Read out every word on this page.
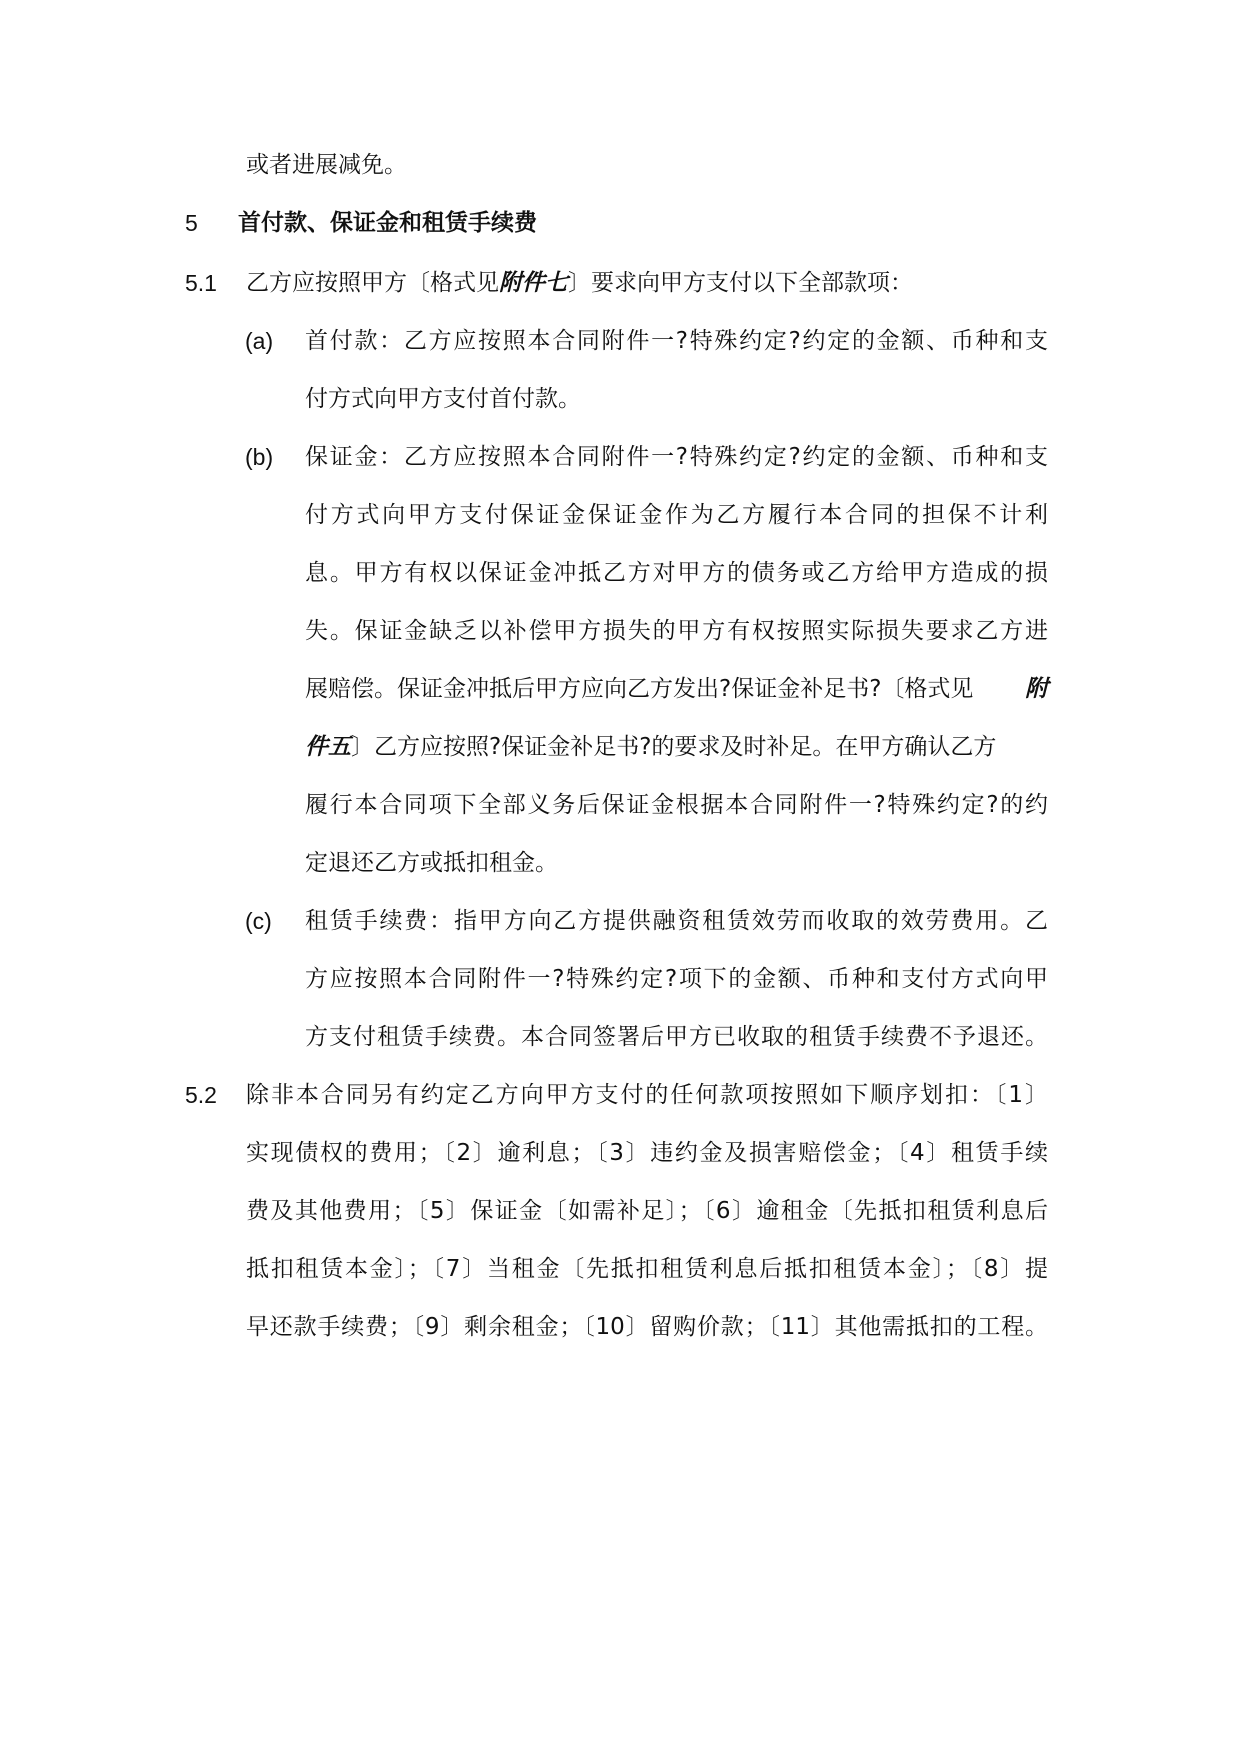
或者进展减免。
5 首付款、保证金和租赁手续费
5.1 乙方应按照甲方〔格式见附件七〕要求向甲方支付以下全部款项：
(a) 首付款：乙方应按照本合同附件一?特殊约定?约定的金额、币种和支
付方式向甲方支付首付款。
(b) 保证金：乙方应按照本合同附件一?特殊约定?约定的金额、币种和支
付方式向甲方支付保证金保证金作为乙方履行本合同的担保不计利
息。甲方有权以保证金冲抵乙方对甲方的债务或乙方给甲方造成的损
失。保证金缺乏以补偿甲方损失的甲方有权按照实际损失要求乙方进
展赔偿。保证金冲抵后甲方应向乙方发出?保证金补足书?〔格式见 附
件五〕乙方应按照?保证金补足书?的要求及时补足。在甲方确认乙方
履行本合同项下全部义务后保证金根据本合同附件一?特殊约定?的约
定退还乙方或抵扣租金。
(c) 租赁手续费：指甲方向乙方提供融资租赁效劳而收取的效劳费用。乙
方应按照本合同附件一?特殊约定?项下的金额、币种和支付方式向甲
方支付租赁手续费。本合同签署后甲方已收取的租赁手续费不予退还。
5.2 除非本合同另有约定乙方向甲方支付的任何款项按照如下顺序划扣：〔1〕
实现债权的费用；〔2〕逾利息；〔3〕违约金及损害赔偿金；〔4〕租赁手续
费及其他费用；〔5〕保证金〔如需补足〕；〔6〕逾租金〔先抵扣租赁利息后
抵扣租赁本金〕；〔7〕当租金〔先抵扣租赁利息后抵扣租赁本金〕；〔8〕提
早还款手续费；〔9〕剩余租金；〔10〕留购价款；〔11〕其他需抵扣的工程。
